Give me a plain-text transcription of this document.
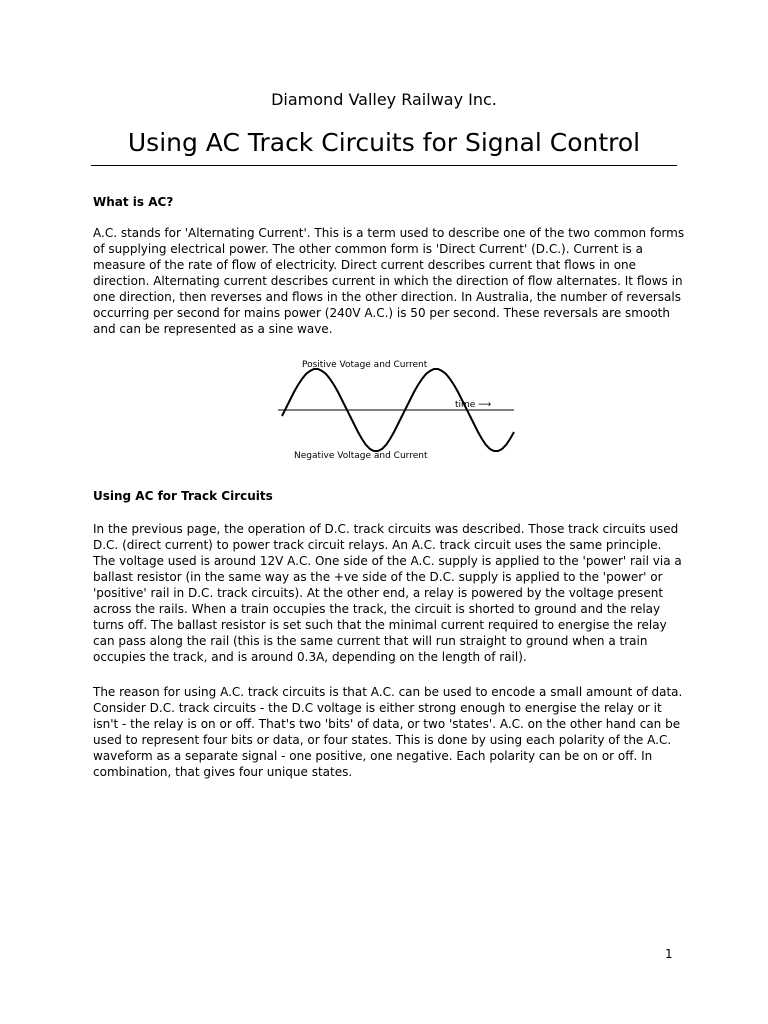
Diamond Valley Railway Inc.
Using AC Track Circuits for Signal Control
What is AC?

A.C. stands for 'Alternating Current'. This is a term used to describe one of the two common forms of supplying electrical power. The other common form is 'Direct Current' (D.C.). Current is a measure of the rate of flow of electricity. Direct current describes current that flows in one direction. Alternating current describes current in which the direction of flow alternates. It flows in one direction, then reverses and flows in the other direction. In Australia, the number of reversals occurring per second for mains power (240V A.C.) is 50 per second. These reversals are smooth and can be represented as a sine wave.

Positive Votage and Current
time ⟶
Negative Voltage and Current
Using AC for Track Circuits

In the previous page, the operation of D.C. track circuits was described. Those track circuits used D.C. (direct current) to power track circuit relays. An A.C. track circuit uses the same principle. The voltage used is around 12V A.C. One side of the A.C. supply is applied to the 'power' rail via a ballast resistor (in the same way as the +ve side of the D.C. supply is applied to the 'power' or 'positive' rail in D.C. track circuits). At the other end, a relay is powered by the voltage present across the rails. When a train occupies the track, the circuit is shorted to ground and the relay turns off. The ballast resistor is set such that the minimal current required to energise the relay can pass along the rail (this is the same current that will run straight to ground when a train occupies the track, and is around 0.3A, depending on the length of rail).

The reason for using A.C. track circuits is that A.C. can be used to encode a small amount of data. Consider D.C. track circuits - the D.C voltage is either strong enough to energise the relay or it isn't - the relay is on or off. That's two 'bits' of data, or two 'states'. A.C. on the other hand can be used to represent four bits or data, or four states. This is done by using each polarity of the A.C. waveform as a separate signal - one positive, one negative. Each polarity can be on or off. In combination, that gives four unique states.

1
